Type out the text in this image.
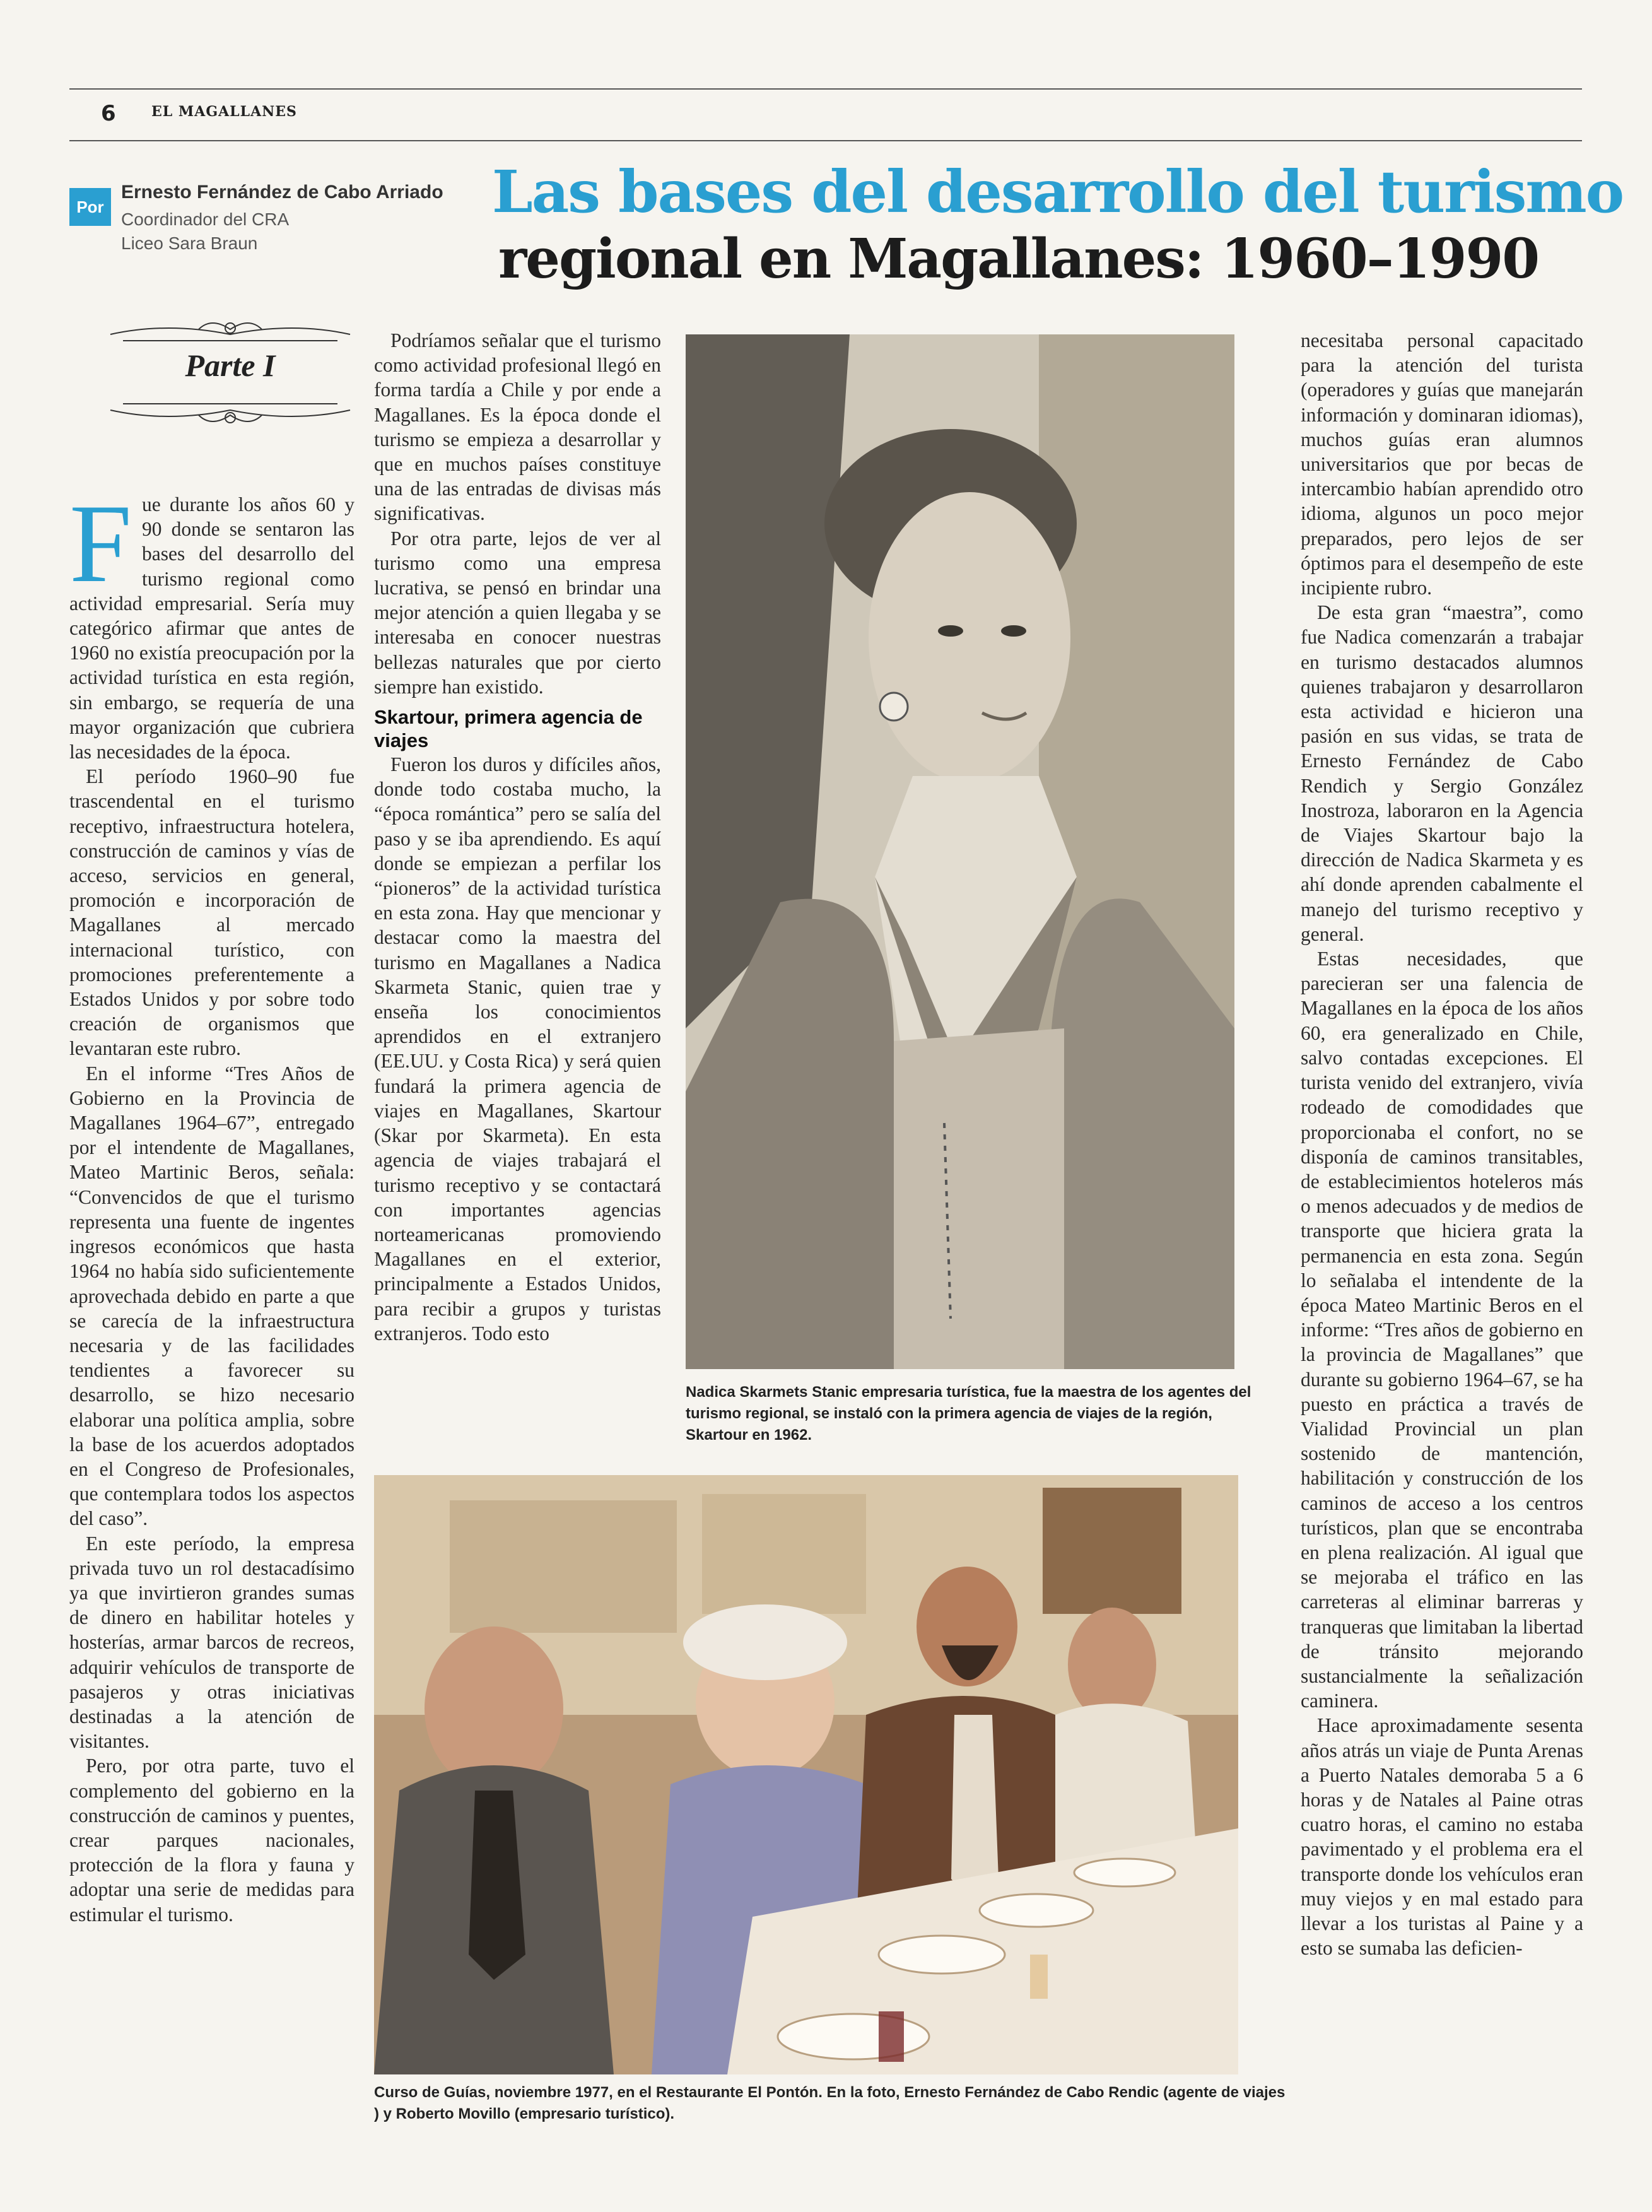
6	EL MAGALLANES
Por
Ernesto Fernández de Cabo Arriado
Coordinador del CRA
Liceo Sara Braun
Las bases del desarrollo del turismo
regional en Magallanes: 1960–1990
Parte I

Fue durante los años 60 y 90 donde se sentaron las bases del desarrollo del turismo regional como actividad empresarial. Sería muy categórico afirmar que antes de 1960 no existía preocupación por la actividad turística en esta región, sin embargo, se requería de una mayor organización que cubriera las necesidades de la época.

El período 1960–90 fue trascendental en el turismo receptivo, infraestructura hotelera, construcción de caminos y vías de acceso, servicios en general, promoción e incorporación de Magallanes al mercado internacional turístico, con promociones preferentemente a Estados Unidos y por sobre todo creación de organismos que levantaran este rubro.

En el informe “Tres Años de Gobierno en la Provincia de Magallanes 1964–67”, entregado por el intendente de Magallanes, Mateo Martinic Beros, señala: “Convencidos de que el turismo representa una fuente de ingentes ingresos económicos que hasta 1964 no había sido suficientemente aprovechada debido en parte a que se carecía de la infraestructura necesaria y de las facilidades tendientes a favorecer su desarrollo, se hizo necesario elaborar una política amplia, sobre la base de los acuerdos adoptados en el Congreso de Profesionales, que contemplara todos los aspectos del caso”.

En este período, la empresa privada tuvo un rol destacadísimo ya que invirtieron grandes sumas de dinero en habilitar hoteles y hosterías, armar barcos de recreos, adquirir vehículos de transporte de pasajeros y otras iniciativas destinadas a la atención de visitantes.

Pero, por otra parte, tuvo el complemento del gobierno en la construcción de caminos y puentes, crear parques nacionales, protección de la flora y fauna y adoptar una serie de medidas para estimular el turismo.

Podríamos señalar que el turismo como actividad profesional llegó en forma tardía a Chile y por ende a Magallanes. Es la época donde el turismo se empieza a desarrollar y que en muchos países constituye una de las entradas de divisas más significativas.

Por otra parte, lejos de ver al turismo como una empresa lucrativa, se pensó en brindar una mejor atención a quien llegaba y se interesaba en conocer nuestras bellezas naturales que por cierto siempre han existido.

Skartour, primera agencia de viajes

Fueron los duros y difíciles años, donde todo costaba mucho, la “época romántica” pero se salía del paso y se iba aprendiendo. Es aquí donde se empiezan a perfilar los “pioneros” de la actividad turística en esta zona. Hay que mencionar y destacar como la maestra del turismo en Magallanes a Nadica Skarmeta Stanic, quien trae y enseña los conocimientos aprendidos en el extranjero (EE.UU. y Costa Rica) y será quien fundará la primera agencia de viajes en Magallanes, Skartour (Skar por Skarmeta). En esta agencia de viajes trabajará el turismo receptivo y se contactará con importantes agencias norteamericanas promoviendo Magallanes en el exterior, principalmente a Estados Unidos, para recibir a grupos y turistas extranjeros. Todo esto

Nadica Skarmets Stanic empresaria turística, fue la maestra de los agentes del turismo regional, se instaló con la primera agencia de viajes de la región, Skartour en 1962.
Curso de Guías, noviembre 1977, en el Restaurante El Pontón. En la foto, Ernesto Fernández de Cabo Rendic (agente de viajes ) y Roberto Movillo (empresario turístico).

necesitaba personal capacitado para la atención del turista (operadores y guías que manejarán información y dominaran idiomas), muchos guías eran alumnos universitarios que por becas de intercambio habían aprendido otro idioma, algunos un poco mejor preparados, pero lejos de ser óptimos para el desempeño de este incipiente rubro.

De esta gran “maestra”, como fue Nadica comenzarán a trabajar en turismo destacados alumnos quienes trabajaron y desarrollaron esta actividad e hicieron una pasión en sus vidas, se trata de Ernesto Fernández de Cabo Rendich y Sergio González Inostroza, laboraron en la Agencia de Viajes Skartour bajo la dirección de Nadica Skarmeta y es ahí donde aprenden cabalmente el manejo del turismo receptivo y general.

Estas necesidades, que parecieran ser una falencia de Magallanes en la época de los años 60, era generalizado en Chile, salvo contadas excepciones. El turista venido del extranjero, vivía rodeado de comodidades que proporcionaba el confort, no se disponía de caminos transitables, de establecimientos hoteleros más o menos adecuados y de medios de transporte que hiciera grata la permanencia en esta zona. Según lo señalaba el intendente de la época Mateo Martinic Beros en el informe: “Tres años de gobierno en la provincia de Magallanes” que durante su gobierno 1964–67, se ha puesto en práctica a través de Vialidad Provincial un plan sostenido de mantención, habilitación y construcción de los caminos de acceso a los centros turísticos, plan que se encontraba en plena realización. Al igual que se mejoraba el tráfico en las carreteras al eliminar barreras y tranqueras que limitaban la libertad de tránsito mejorando sustancialmente la señalización caminera.

Hace aproximadamente sesenta años atrás un viaje de Punta Arenas a Puerto Natales demoraba 5 a 6 horas y de Natales al Paine otras cuatro horas, el camino no estaba pavimentado y el problema era el transporte donde los vehículos eran muy viejos y en mal estado para llevar a los turistas al Paine y a esto se sumaba las deficien-
